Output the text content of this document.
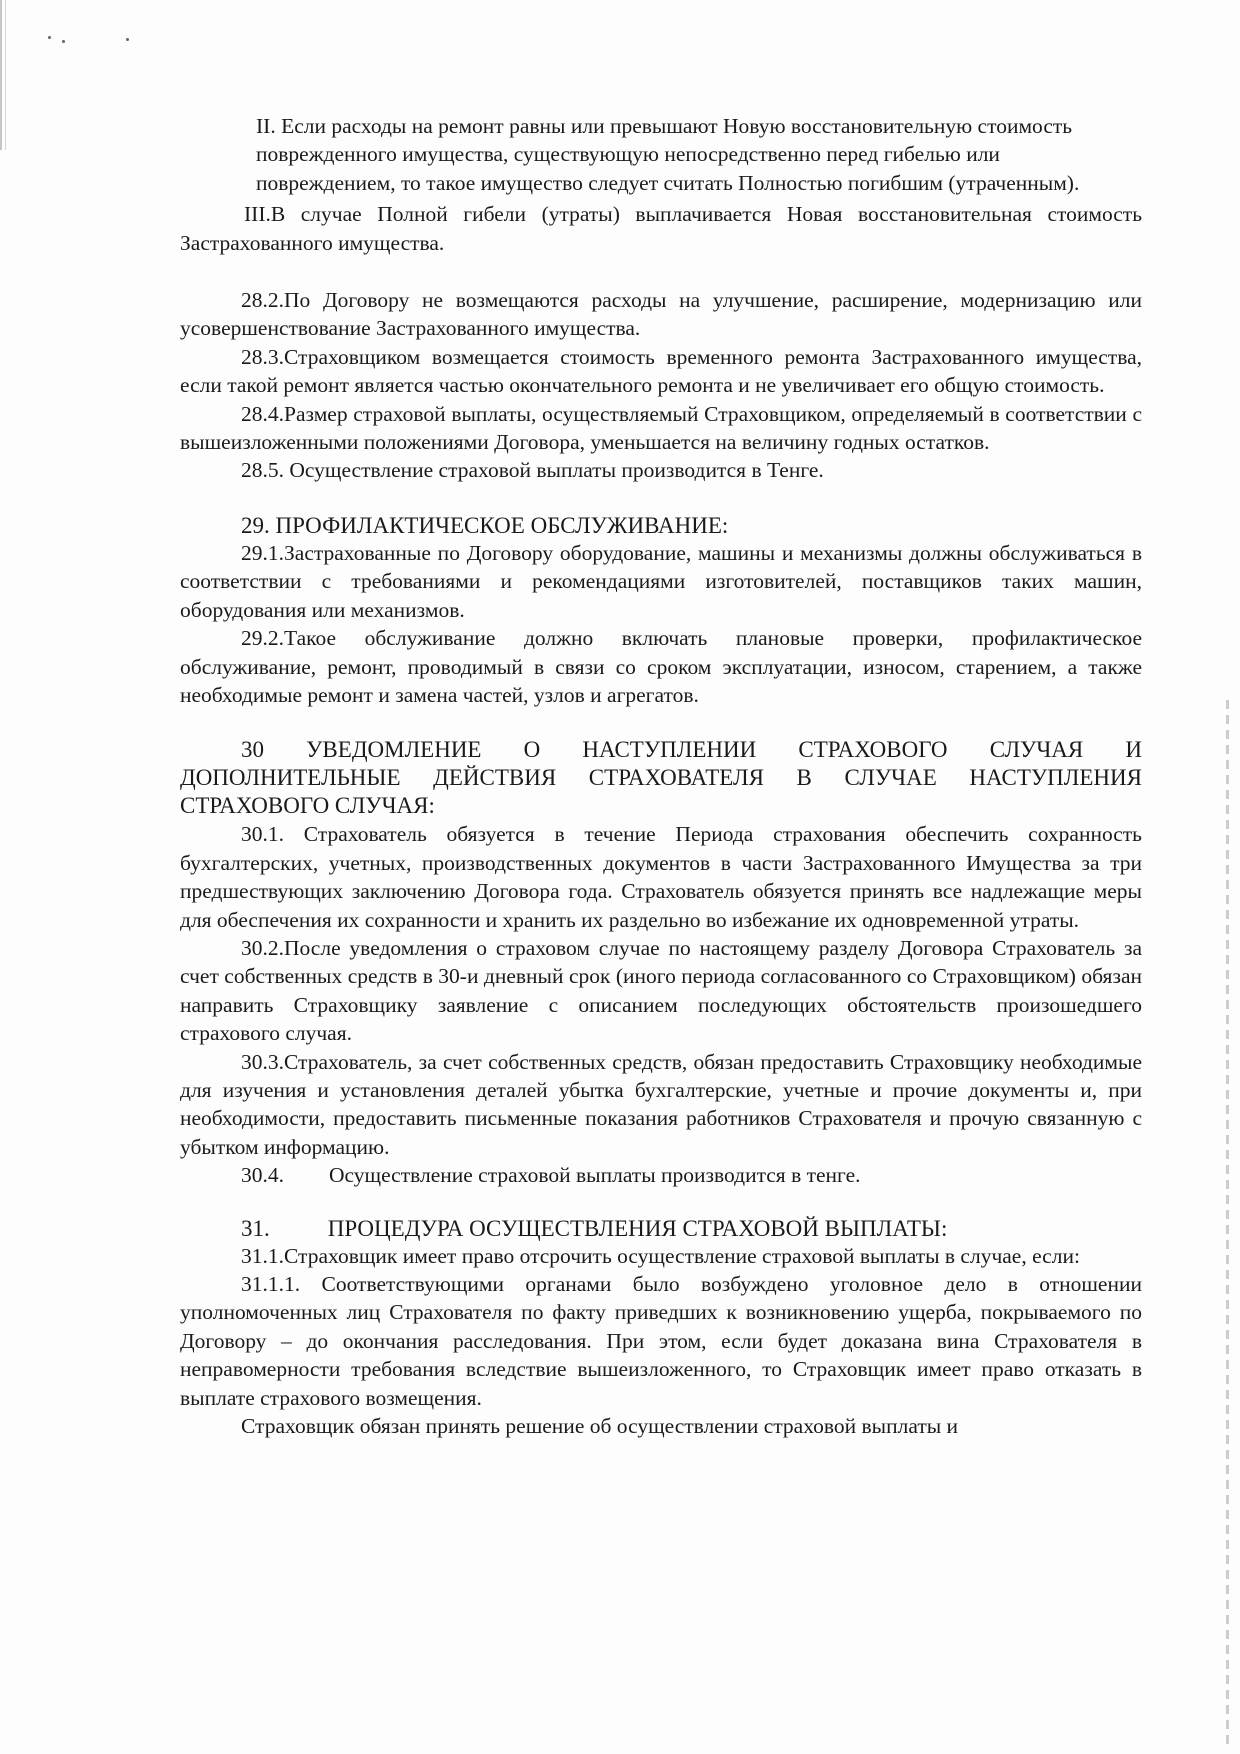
II. Если расходы на ремонт равны или превышают Новую восстановительную стоимость поврежденного имущества, существующую непосредственно перед гибелью или повреждением, то такое имущество следует считать Полностью погибшим (утраченным).

III.В случае Полной гибели (утраты) выплачивается Новая восстановительная стоимость Застрахованного имущества.

28.2.По Договору не возмещаются расходы на улучшение, расширение, модернизацию или усовершенствование Застрахованного имущества.

28.3.Страховщиком возмещается стоимость временного ремонта Застрахованного имущества, если такой ремонт является частью окончательного ремонта и не увеличивает его общую стоимость.

28.4.Размер страховой выплаты, осуществляемый Страховщиком, определяемый в соответствии с вышеизложенными положениями Договора, уменьшается на величину годных остатков.

28.5. Осуществление страховой выплаты производится в Тенге.

29. ПРОФИЛАКТИЧЕСКОЕ ОБСЛУЖИВАНИЕ:

29.1.Застрахованные по Договору оборудование, машины и механизмы должны обслуживаться в соответствии с требованиями и рекомендациями изготовителей, поставщиков таких машин, оборудования или механизмов.

29.2.Такое обслуживание должно включать плановые проверки, профилактическое обслуживание, ремонт, проводимый в связи со сроком эксплуатации, износом, старением, а также необходимые ремонт и замена частей, узлов и агрегатов.

30 УВЕДОМЛЕНИЕ О НАСТУПЛЕНИИ СТРАХОВОГО СЛУЧАЯ И ДОПОЛНИТЕЛЬНЫЕ ДЕЙСТВИЯ СТРАХОВАТЕЛЯ В СЛУЧАЕ НАСТУПЛЕНИЯ СТРАХОВОГО СЛУЧАЯ:

30.1. Страхователь обязуется в течение Периода страхования обеспечить сохранность бухгалтерских, учетных, производственных документов в части Застрахованного Имущества за три предшествующих заключению Договора года. Страхователь обязуется принять все надлежащие меры для обеспечения их сохранности и хранить их раздельно во избежание их одновременной утраты.

30.2.После уведомления о страховом случае по настоящему разделу Договора Страхователь за счет собственных средств в 30-и дневный срок (иного периода согласованного со Страховщиком) обязан направить Страховщику заявление с описанием последующих обстоятельств произошедшего страхового случая.

30.3.Страхователь, за счет собственных средств, обязан предоставить Страховщику необходимые для изучения и установления деталей убытка бухгалтерские, учетные и прочие документы и, при необходимости, предоставить письменные показания работников Страхователя и прочую связанную с убытком информацию.

30.4. Осуществление страховой выплаты производится в тенге.

31.	ПРОЦЕДУРА ОСУЩЕСТВЛЕНИЯ СТРАХОВОЙ ВЫПЛАТЫ:

31.1.Страховщик имеет право отсрочить осуществление страховой выплаты в случае, если:

31.1.1. Соответствующими органами было возбуждено уголовное дело в отношении уполномоченных лиц Страхователя по факту приведших к возникновению ущерба, покрываемого по Договору – до окончания расследования. При этом, если будет доказана вина Страхователя в неправомерности требования вследствие вышеизложенного, то Страховщик имеет право отказать в выплате страхового возмещения.

Страховщик обязан принять решение об осуществлении страховой выплаты и
